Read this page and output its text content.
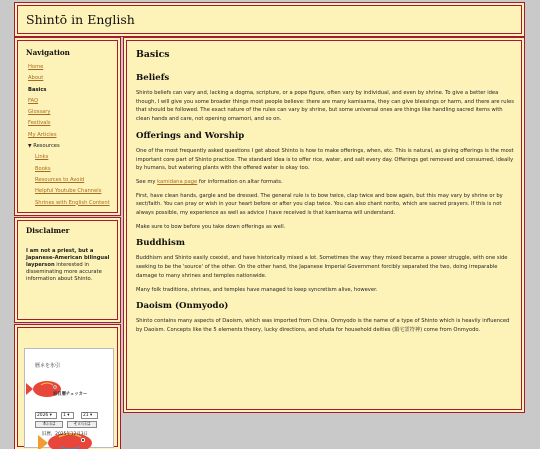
Shintō in English
Navigation
Home
About
Basics
FAQ
Glossary
Festivals
My Articles
▼ Resources
Links
Books
Resources to Avoid
Helpful Youtube Channels
Shrines with English Content
Disclaimer
I am not a priest, but a Japanese-American bilingual layperson interested in disseminating more accurate information about Shinto.
暦ネを氷引
Ⓜ日曆チェッカー
2026 ▾	1 ▾	21 ▾
本日は	その日は
旧暦、2025年12月3日
Basics
Beliefs

Shinto beliefs can vary and, lacking a dogma, scripture, or a pope figure, often vary by individual, and even by shrine. To give a better idea though, I will give you some broader things most people believe: there are many kamisama, they can give blessings or harm, and there are rules that should be followed. The exact nature of the rules can vary by shrine, but some universal ones are things like handling sacred items with clean hands and care, not opening omamori, and so on.

Offerings and Worship

One of the most frequently asked questions I get about Shinto is how to make offerings, when, etc. This is natural, as giving offerings is the most important core part of Shinto practice. The standard idea is to offer rice, water, and salt every day. Offerings get removed and consumed, ideally by humans, but watering plants with the offered water is okay too.

See my kamidana page for information on altar formats.

First, have clean hands, gargle and be dressed. The general rule is to bow twice, clap twice and bow again, but this may vary by shrine or by sect/faith. You can pray or wish in your heart before or after you clap twice. You can also chant norito, which are sacred prayers. If this is not always possible, my experience as well as advice I have received is that kamisama will understand.

Make sure to bow before you take down offerings as well.

Buddhism

Buddhism and Shinto easily coexist, and have historically mixed a lot. Sometimes the way they mixed became a power struggle, with one side seeking to be the 'source' of the other. On the other hand, the Japanese Imperial Government forcibly separated the two, doing irreparable damage to many shrines and temples nationwide.

Many folk traditions, shrines, and temples have managed to keep syncretism alive, however.

Daoism (Onmyodo)

Shinto contains many aspects of Daoism, which was imported from China. Onmyodo is the name of a type of Shinto which is heavily influenced by Daoism. Concepts like the 5 elements theory, lucky directions, and ofuda for household deities (鎮宅霊符神) come from Onmyodo.
